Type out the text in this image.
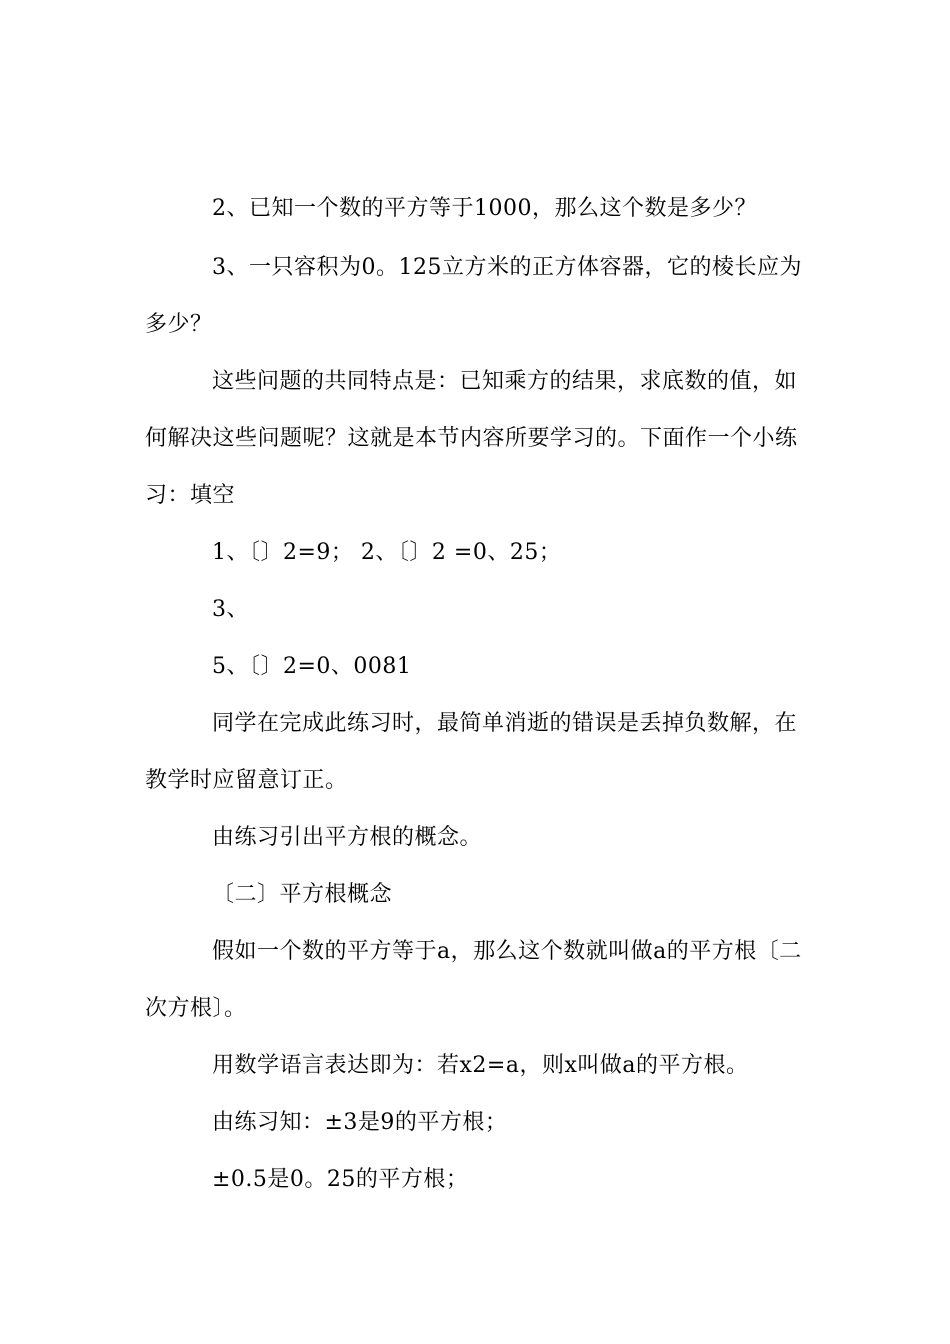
2、已知一个数的平方等于1000，那么这个数是多少？
3、一只容积为0。125立方米的正方体容器，它的棱长应为
多少？
这些问题的共同特点是：已知乘方的结果，求底数的值，如
何解决这些问题呢？这就是本节内容所要学习的。下面作一个小练
习：填空
1、〔〕2=9； 2、〔〕2 =0、25；
3、
5、〔〕2=0、0081
同学在完成此练习时，最简单消逝的错误是丢掉负数解，在
教学时应留意订正。
由练习引出平方根的概念。
〔二〕平方根概念
假如一个数的平方等于a，那么这个数就叫做a的平方根〔二
次方根〕。
用数学语言表达即为：若x2=a，则x叫做a的平方根。
由练习知：±3是9的平方根；
±0.5是0。25的平方根；
